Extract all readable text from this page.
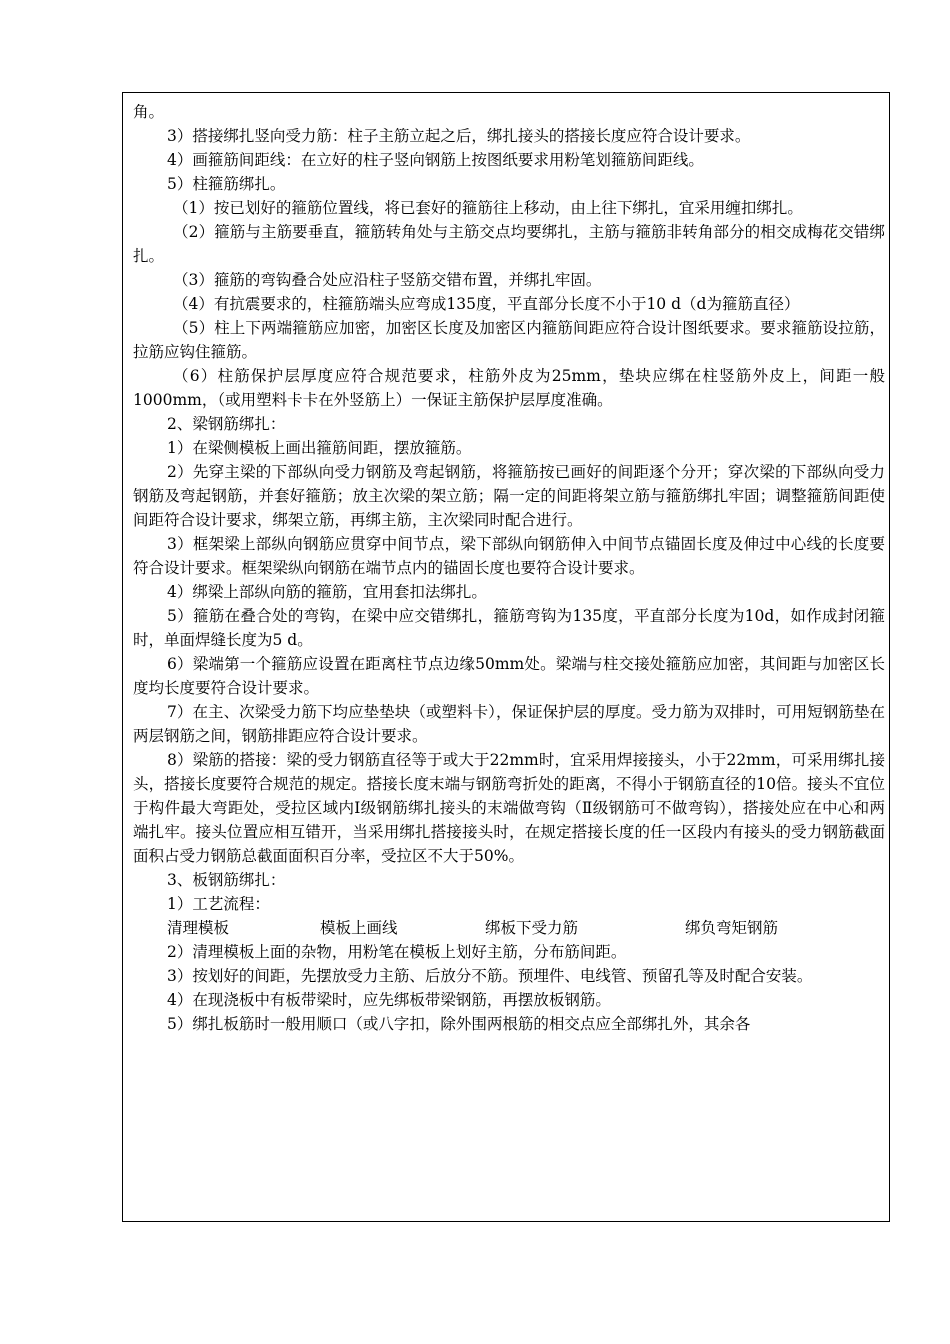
角。

3）搭接绑扎竖向受力筋：柱子主筋立起之后，绑扎接头的搭接长度应符合设计要求。

4）画箍筋间距线：在立好的柱子竖向钢筋上按图纸要求用粉笔划箍筋间距线。

5）柱箍筋绑扎。

（1）按已划好的箍筋位置线，将已套好的箍筋往上移动，由上往下绑扎，宜采用缠扣绑扎。

（2）箍筋与主筋要垂直，箍筋转角处与主筋交点均要绑扎，主筋与箍筋非转角部分的相交成梅花交错绑扎。

（3）箍筋的弯钩叠合处应沿柱子竖筋交错布置，并绑扎牢固。

（4）有抗震要求的，柱箍筋端头应弯成135度，平直部分长度不小于10 d（d为箍筋直径）

（5）柱上下两端箍筋应加密，加密区长度及加密区内箍筋间距应符合设计图纸要求。要求箍筋设拉筋，拉筋应钩住箍筋。

（6）柱筋保护层厚度应符合规范要求，柱筋外皮为25mm，垫块应绑在柱竖筋外皮上，间距一般1000mm，（或用塑料卡卡在外竖筋上）一保证主筋保护层厚度准确。

2、梁钢筋绑扎：

1）在梁侧模板上画出箍筋间距，摆放箍筋。

2）先穿主梁的下部纵向受力钢筋及弯起钢筋，将箍筋按已画好的间距逐个分开；穿次梁的下部纵向受力钢筋及弯起钢筋，并套好箍筋；放主次梁的架立筋；隔一定的间距将架立筋与箍筋绑扎牢固；调整箍筋间距使间距符合设计要求，绑架立筋，再绑主筋，主次梁同时配合进行。

3）框架梁上部纵向钢筋应贯穿中间节点，梁下部纵向钢筋伸入中间节点锚固长度及伸过中心线的长度要符合设计要求。框架梁纵向钢筋在端节点内的锚固长度也要符合设计要求。

4）绑梁上部纵向筋的箍筋，宜用套扣法绑扎。

5）箍筋在叠合处的弯钩，在梁中应交错绑扎，箍筋弯钩为135度，平直部分长度为10d，如作成封闭箍时，单面焊缝长度为5 d。

6）梁端第一个箍筋应设置在距离柱节点边缘50mm处。梁端与柱交接处箍筋应加密，其间距与加密区长度均长度要符合设计要求。

7）在主、次梁受力筋下均应垫垫块（或塑料卡），保证保护层的厚度。受力筋为双排时，可用短钢筋垫在两层钢筋之间，钢筋排距应符合设计要求。

8）梁筋的搭接：梁的受力钢筋直径等于或大于22mm时，宜采用焊接接头，小于22mm，可采用绑扎接头，搭接长度要符合规范的规定。搭接长度末端与钢筋弯折处的距离，不得小于钢筋直径的10倍。接头不宜位于构件最大弯距处，受拉区域内Ⅰ级钢筋绑扎接头的末端做弯钩（Ⅱ级钢筋可不做弯钩），搭接处应在中心和两端扎牢。接头位置应相互错开，当采用绑扎搭接接头时，在规定搭接长度的任一区段内有接头的受力钢筋截面面积占受力钢筋总截面面积百分率，受拉区不大于50%。

3、板钢筋绑扎：

1）工艺流程：

清理模板	模板上画线	绑板下受力筋	绑负弯矩钢筋

2）清理模板上面的杂物，用粉笔在模板上划好主筋，分布筋间距。

3）按划好的间距，先摆放受力主筋、后放分不筋。预埋件、电线管、预留孔等及时配合安装。

4）在现浇板中有板带梁时，应先绑板带梁钢筋，再摆放板钢筋。

5）绑扎板筋时一般用顺口（或八字扣，除外围两根筋的相交点应全部绑扎外，其余各
